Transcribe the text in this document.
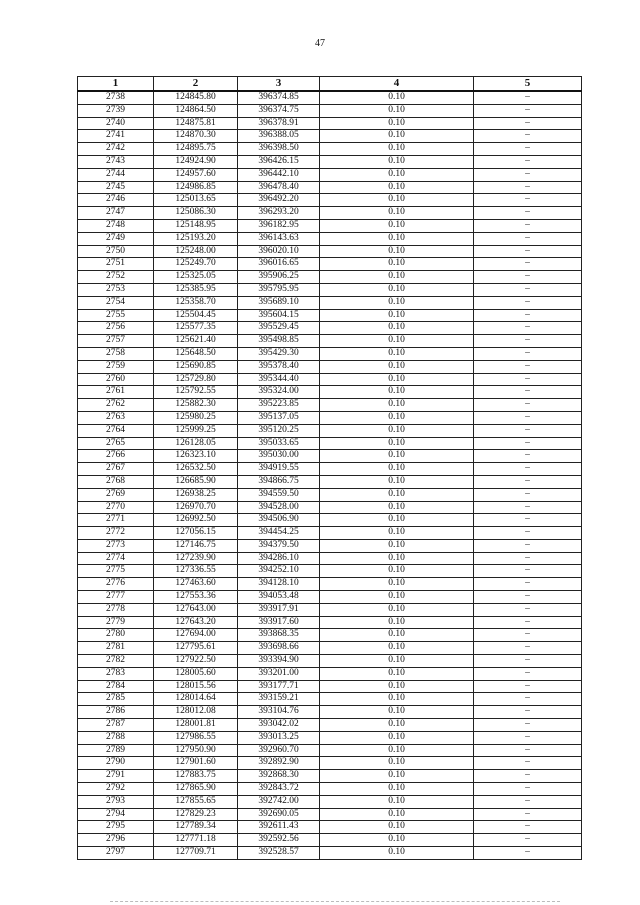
47
1	2	3	4	5
2738	124845.80	396374.85	0.10	–
2739	124864.50	396374.75	0.10	–
2740	124875.81	396378.91	0.10	–
2741	124870.30	396388.05	0.10	–
2742	124895.75	396398.50	0.10	–
2743	124924.90	396426.15	0.10	–
2744	124957.60	396442.10	0.10	–
2745	124986.85	396478.40	0.10	–
2746	125013.65	396492.20	0.10	–
2747	125086.30	396293.20	0.10	–
2748	125148.95	396182.95	0.10	–
2749	125193.20	396143.63	0.10	–
2750	125248.00	396020.10	0.10	–
2751	125249.70	396016.65	0.10	–
2752	125325.05	395906.25	0.10	–
2753	125385.95	395795.95	0.10	–
2754	125358.70	395689.10	0.10	–
2755	125504.45	395604.15	0.10	–
2756	125577.35	395529.45	0.10	–
2757	125621.40	395498.85	0.10	–
2758	125648.50	395429.30	0.10	–
2759	125690.85	395378.40	0.10	–
2760	125729.80	395344.40	0.10	–
2761	125792.55	395324.00	0.10	–
2762	125882.30	395223.85	0.10	–
2763	125980.25	395137.05	0.10	–
2764	125999.25	395120.25	0.10	–
2765	126128.05	395033.65	0.10	–
2766	126323.10	395030.00	0.10	–
2767	126532.50	394919.55	0.10	–
2768	126685.90	394866.75	0.10	–
2769	126938.25	394559.50	0.10	–
2770	126970.70	394528.00	0.10	–
2771	126992.50	394506.90	0.10	–
2772	127056.15	394454.25	0.10	–
2773	127146.75	394379.50	0.10	–
2774	127239.90	394286.10	0.10	–
2775	127336.55	394252.10	0.10	–
2776	127463.60	394128.10	0.10	–
2777	127553.36	394053.48	0.10	–
2778	127643.00	393917.91	0.10	–
2779	127643.20	393917.60	0.10	–
2780	127694.00	393868.35	0.10	–
2781	127795.61	393698.66	0.10	–
2782	127922.50	393394.90	0.10	–
2783	128005.60	393201.00	0.10	–
2784	128015.56	393177.71	0.10	–
2785	128014.64	393159.21	0.10	–
2786	128012.08	393104.76	0.10	–
2787	128001.81	393042.02	0.10	–
2788	127986.55	393013.25	0.10	–
2789	127950.90	392960.70	0.10	–
2790	127901.60	392892.90	0.10	–
2791	127883.75	392868.30	0.10	–
2792	127865.90	392843.72	0.10	–
2793	127855.65	392742.00	0.10	–
2794	127829.23	392690.05	0.10	–
2795	127789.34	392611.43	0.10	–
2796	127771.18	392592.56	0.10	–
2797	127709.71	392528.57	0.10	–
